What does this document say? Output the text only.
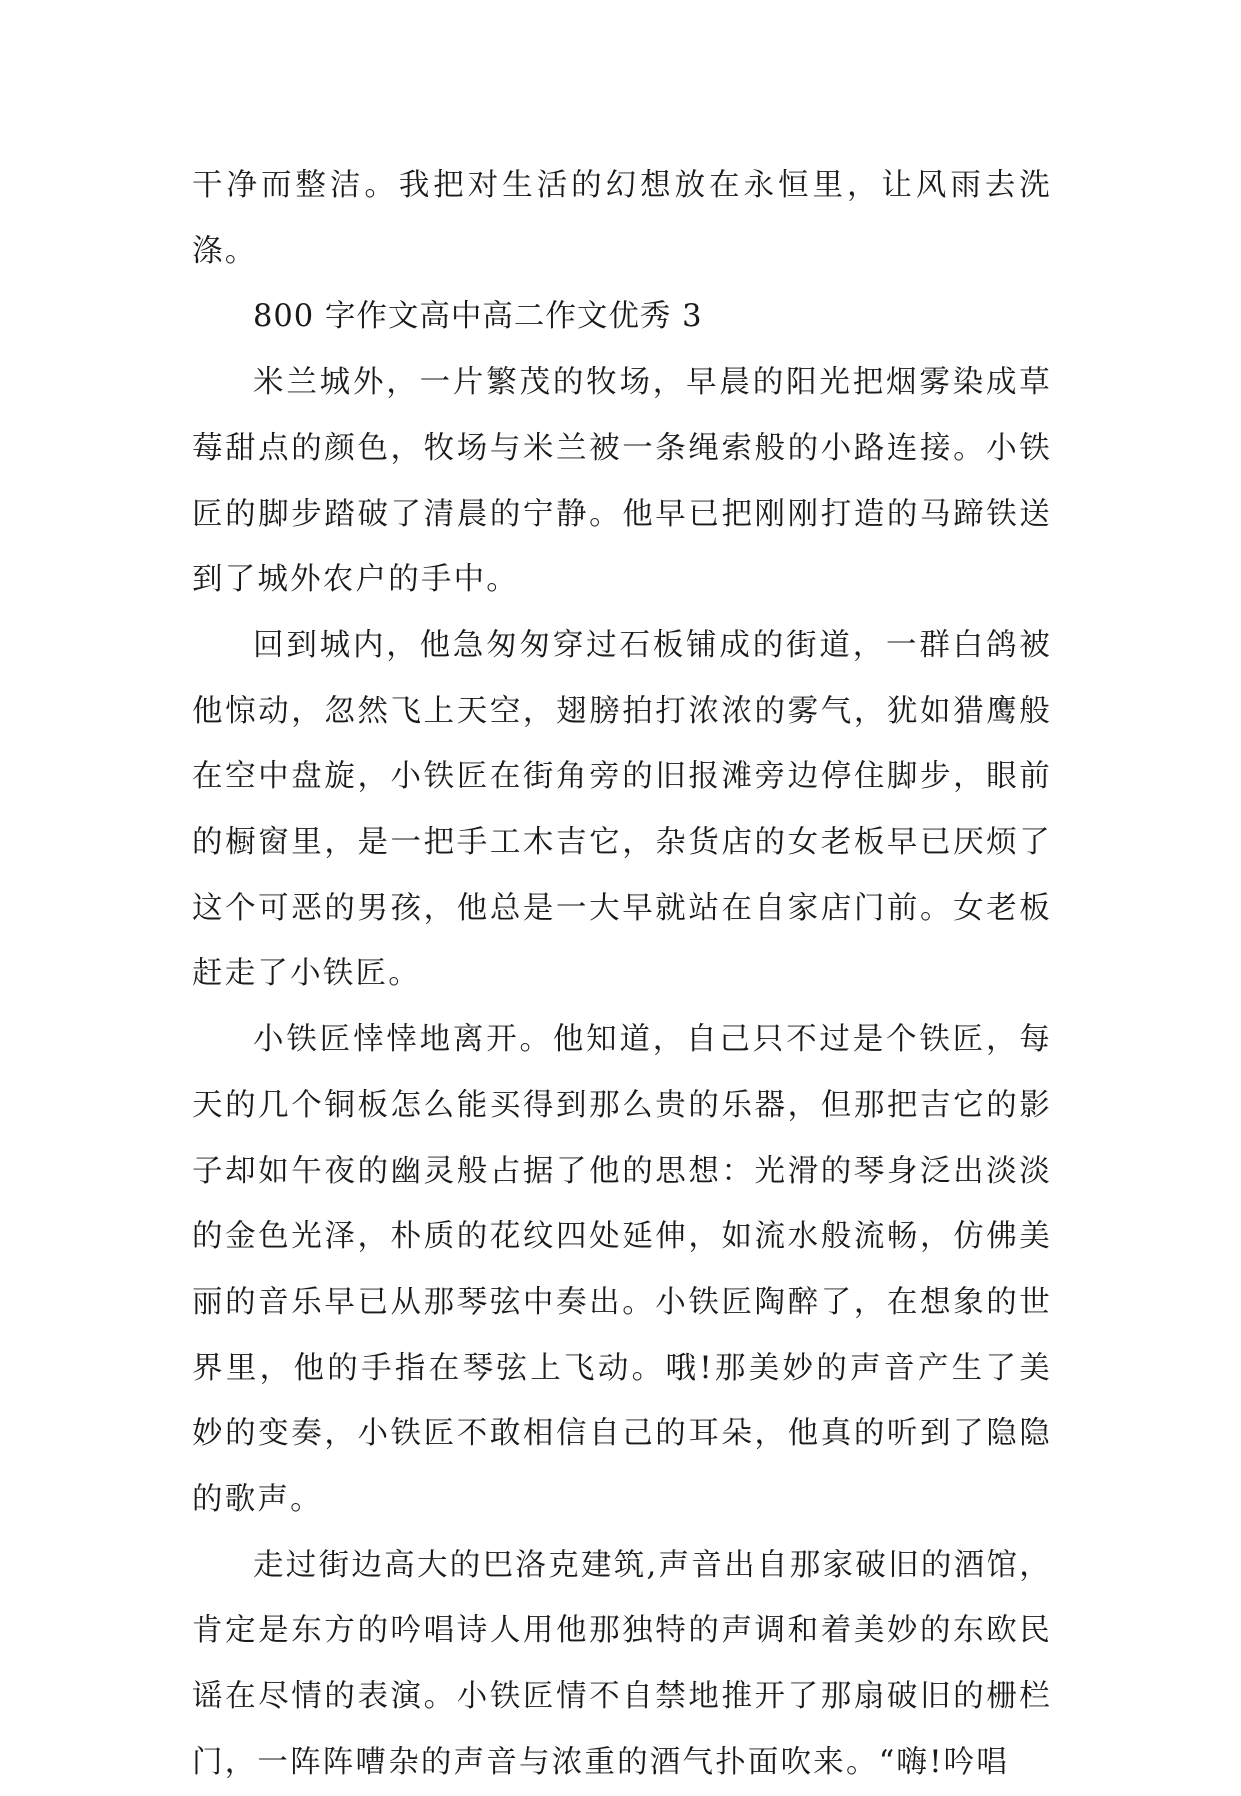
干净而整洁。我把对生活的幻想放在永恒里，让风雨去洗涤。

800 字作文高中高二作文优秀 3

米兰城外，一片繁茂的牧场，早晨的阳光把烟雾染成草莓甜点的颜色，牧场与米兰被一条绳索般的小路连接。小铁匠的脚步踏破了清晨的宁静。他早已把刚刚打造的马蹄铁送到了城外农户的手中。

回到城内，他急匆匆穿过石板铺成的街道，一群白鸽被他惊动，忽然飞上天空，翅膀拍打浓浓的雾气，犹如猎鹰般在空中盘旋，小铁匠在街角旁的旧报滩旁边停住脚步，眼前的橱窗里，是一把手工木吉它，杂货店的女老板早已厌烦了这个可恶的男孩，他总是一大早就站在自家店门前。女老板赶走了小铁匠。

小铁匠悻悻地离开。他知道，自己只不过是个铁匠，每天的几个铜板怎么能买得到那么贵的乐器，但那把吉它的影子却如午夜的幽灵般占据了他的思想：光滑的琴身泛出淡淡的金色光泽，朴质的花纹四处延伸，如流水般流畅，仿佛美丽的音乐早已从那琴弦中奏出。小铁匠陶醉了，在想象的世界里，他的手指在琴弦上飞动。哦!那美妙的声音产生了美妙的变奏，小铁匠不敢相信自己的耳朵，他真的听到了隐隐的歌声。

走过街边高大的巴洛克建筑,声音出自那家破旧的酒馆，肯定是东方的吟唱诗人用他那独特的声调和着美妙的东欧民谣在尽情的表演。小铁匠情不自禁地推开了那扇破旧的栅栏门，一阵阵嘈杂的声音与浓重的酒气扑面吹来。“嗨!吟唱
